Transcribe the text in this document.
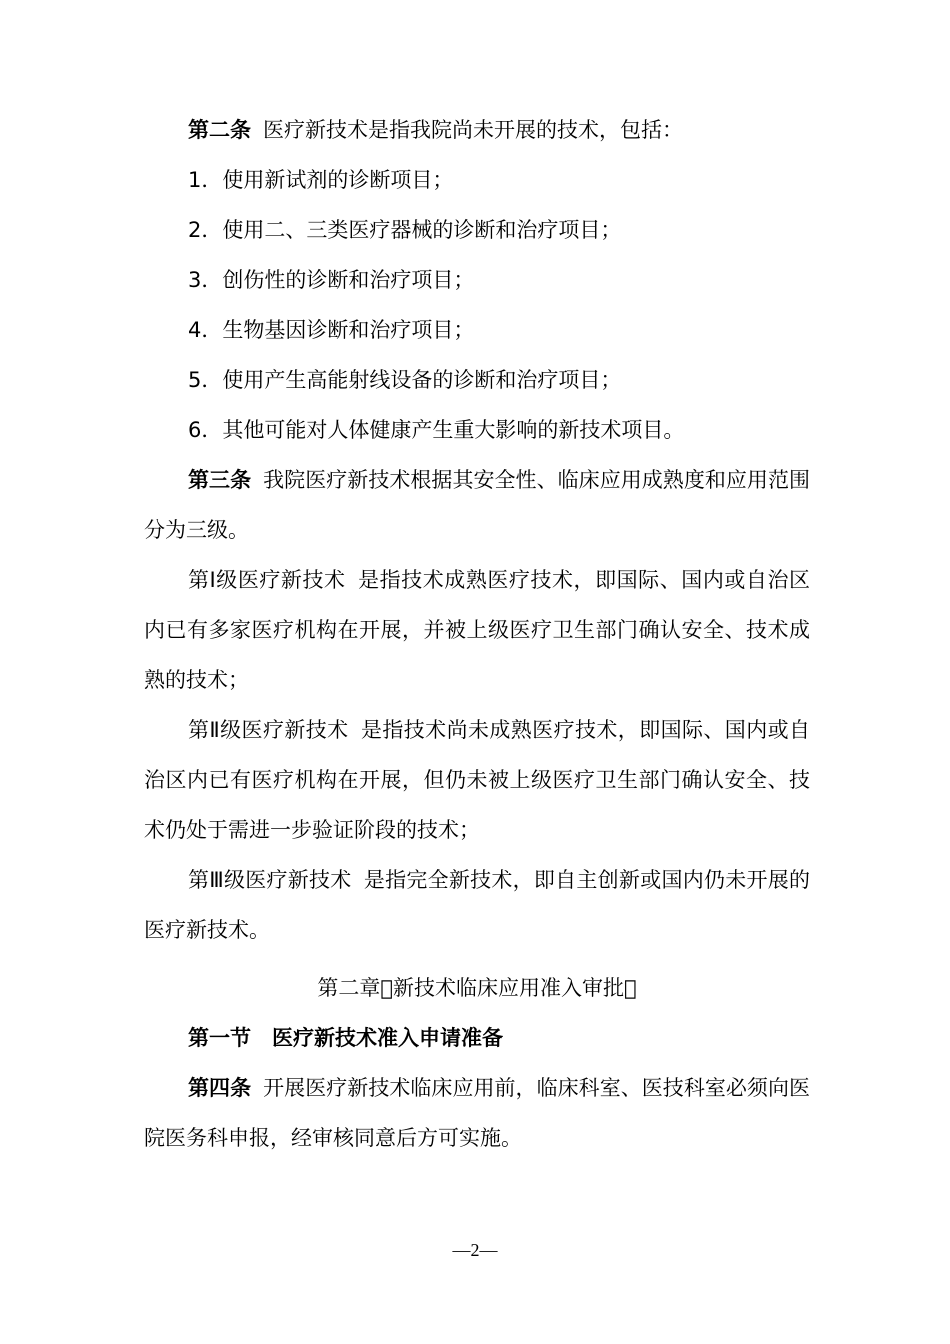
第二条 医疗新技术是指我院尚未开展的技术，包括：

1．使用新试剂的诊断项目；

2．使用二、三类医疗器械的诊断和治疗项目；

3．创伤性的诊断和治疗项目；

4．生物基因诊断和治疗项目；

5．使用产生高能射线设备的诊断和治疗项目；

6．其他可能对人体健康产生重大影响的新技术项目。

第三条 我院医疗新技术根据其安全性、临床应用成熟度和应用范围分为三级。

第Ⅰ级医疗新技术 是指技术成熟医疗技术，即国际、国内或自治区内已有多家医疗机构在开展，并被上级医疗卫生部门确认安全、技术成熟的技术；

第Ⅱ级医疗新技术 是指技术尚未成熟医疗技术，即国际、国内或自治区内已有医疗机构在开展，但仍未被上级医疗卫生部门确认安全、技术仍处于需进一步验证阶段的技术；

第Ⅲ级医疗新技术 是指完全新技术，即自主创新或国内仍未开展的医疗新技术。

第二章 新技术临床应用准入审批 

第一节　医疗新技术准入申请准备

第四条 开展医疗新技术临床应用前，临床科室、医技科室必须向医院医务科申报，经审核同意后方可实施。

—2—
